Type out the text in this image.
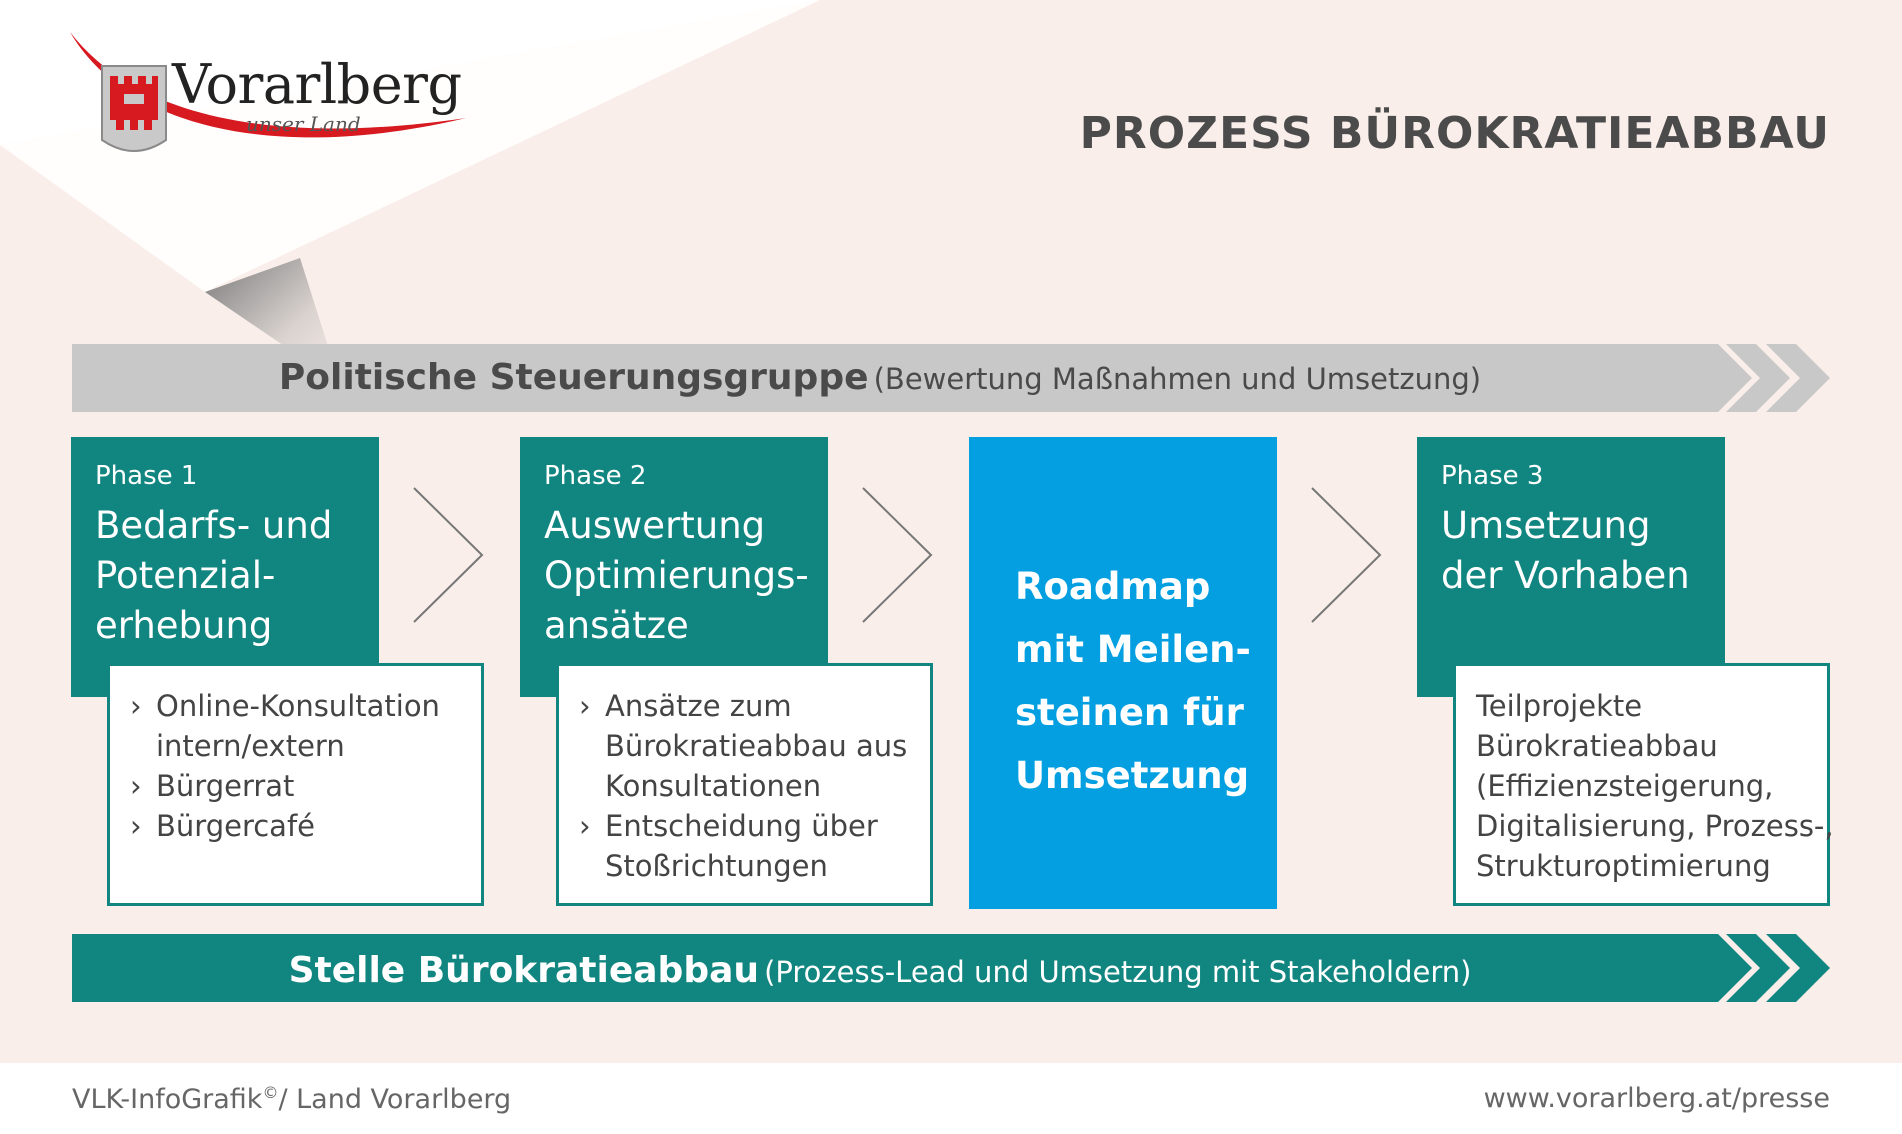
Vorarlberg
unser Land	PROZESS BÜROKRATIEABBAU
Politische Steuerungsgruppe (Bewertung Maßnahmen und Umsetzung)
Phase 1
Bedarfs- und
Potenzial-
erhebung
› Online-Konsultation
intern/extern
› Bürgerrat
› Bürgercafé
Phase 2
Auswertung
Optimierungs-
ansätze
› Ansätze zum
Bürokratieabbau aus
Konsultationen
› Entscheidung über
Stoßrichtungen
Roadmap
mit Meilen-
steinen für
Umsetzung
Phase 3
Umsetzung
der Vorhaben
Teilprojekte
Bürokratieabbau
(Effizienzsteigerung,
Digitalisierung, Prozess-,
Strukturoptimierung
Stelle Bürokratieabbau (Prozess-Lead und Umsetzung mit Stakeholdern)
VLK-InfoGrafik©/ Land Vorarlberg	www.vorarlberg.at/presse
